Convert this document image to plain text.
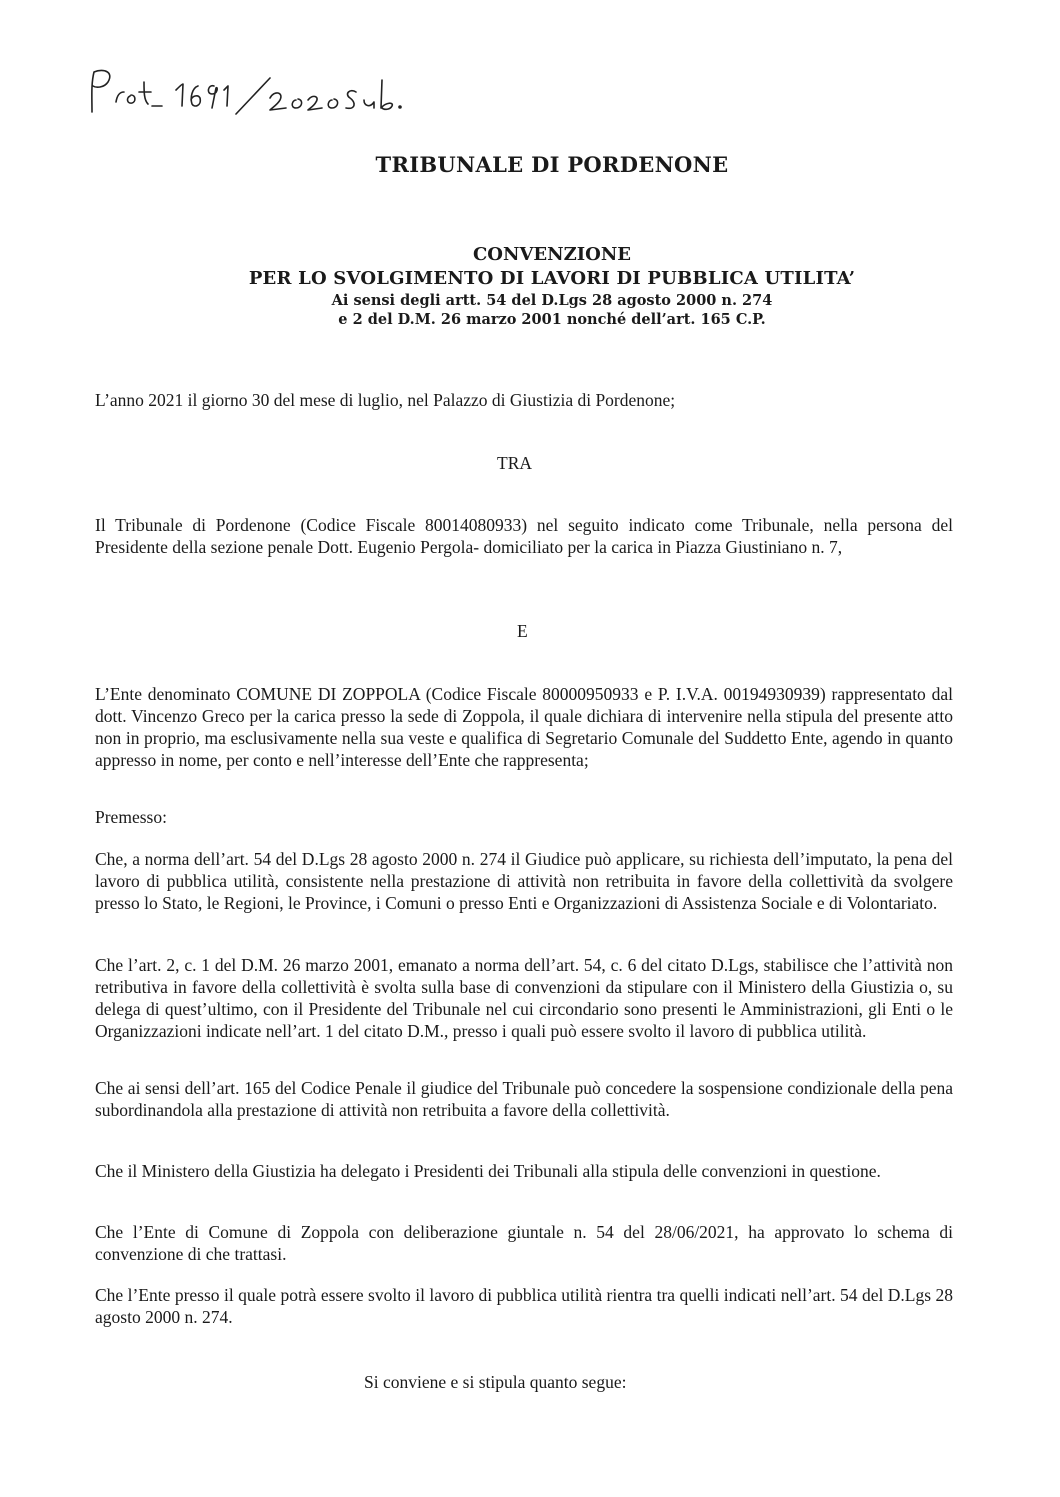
TRIBUNALE DI PORDENONE
CONVENZIONE
PER LO SVOLGIMENTO DI LAVORI DI PUBBLICA UTILITA’
Ai sensi degli artt. 54 del D.Lgs 28 agosto 2000 n. 274
e 2 del D.M. 26 marzo 2001 nonché dell’art. 165 C.P.
L’anno 2021 il giorno 30 del mese di luglio, nel Palazzo di Giustizia di Pordenone;
TRA
Il Tribunale di Pordenone (Codice Fiscale 80014080933) nel seguito indicato come Tribunale, nella persona del Presidente della sezione penale Dott. Eugenio Pergola- domiciliato per la carica in Piazza Giustiniano n. 7,
E
L’Ente denominato COMUNE DI ZOPPOLA (Codice Fiscale 80000950933 e P. I.V.A. 00194930939) rappresentato dal dott. Vincenzo Greco per la carica presso la sede di Zoppola, il quale dichiara di intervenire nella stipula del presente atto non in proprio, ma esclusivamente nella sua veste e qualifica di Segretario Comunale del Suddetto Ente, agendo in quanto appresso in nome, per conto e nell’interesse dell’Ente che rappresenta;
Premesso:
Che, a norma dell’art. 54 del D.Lgs 28 agosto 2000 n. 274 il Giudice può applicare, su richiesta dell’imputato, la pena del lavoro di pubblica utilità, consistente nella prestazione di attività non retribuita in favore della collettività da svolgere presso lo Stato, le Regioni, le Province, i Comuni o presso Enti e Organizzazioni di Assistenza Sociale e di Volontariato.
Che l’art. 2, c. 1 del D.M. 26 marzo 2001, emanato a norma dell’art. 54, c. 6 del citato D.Lgs, stabilisce che l’attività non retributiva in favore della collettività è svolta sulla base di convenzioni da stipulare con il Ministero della Giustizia o, su delega di quest’ultimo, con il Presidente del Tribunale nel cui circondario sono presenti le Amministrazioni, gli Enti o le Organizzazioni indicate nell’art. 1 del citato D.M., presso i quali può essere svolto il lavoro di pubblica utilità.
Che ai sensi dell’art. 165 del Codice Penale il giudice del Tribunale può concedere la sospensione condizionale della pena subordinandola alla prestazione di attività non retribuita a favore della collettività.
Che il Ministero della Giustizia ha delegato i Presidenti dei Tribunali alla stipula delle convenzioni in questione.
Che l’Ente di Comune di Zoppola con deliberazione giuntale n. 54 del 28/06/2021, ha approvato lo schema di convenzione di che trattasi.
Che l’Ente presso il quale potrà essere svolto il lavoro di pubblica utilità rientra tra quelli indicati nell’art. 54 del D.Lgs 28 agosto 2000 n. 274.
Si conviene e si stipula quanto segue:
